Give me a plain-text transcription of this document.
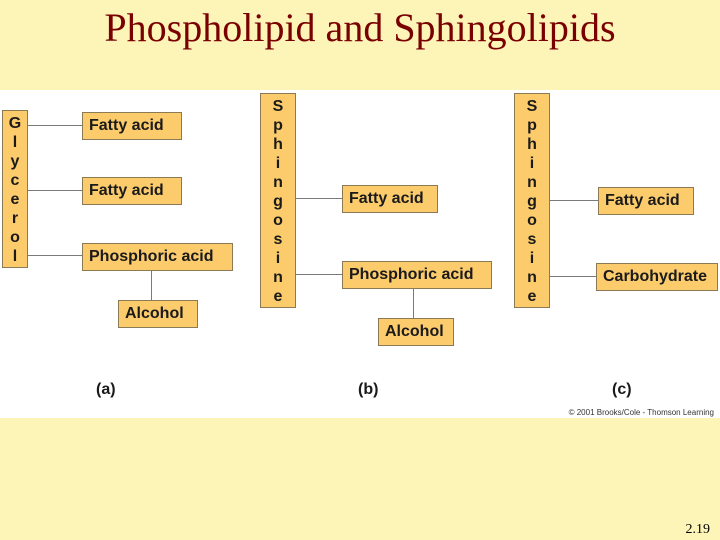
Phospholipid and Sphingolipids
G
l
y
c
e
r
o
l
Fatty acid
Fatty acid
Phosphoric acid
Alcohol
(a)
S
p
h
i
n
g
o
s
i
n
e
Fatty acid
Phosphoric acid
Alcohol
(b)
S
p
h
i
n
g
o
s
i
n
e
Fatty acid
Carbohydrate
(c)
© 2001 Brooks/Cole - Thomson Learning
2.19
